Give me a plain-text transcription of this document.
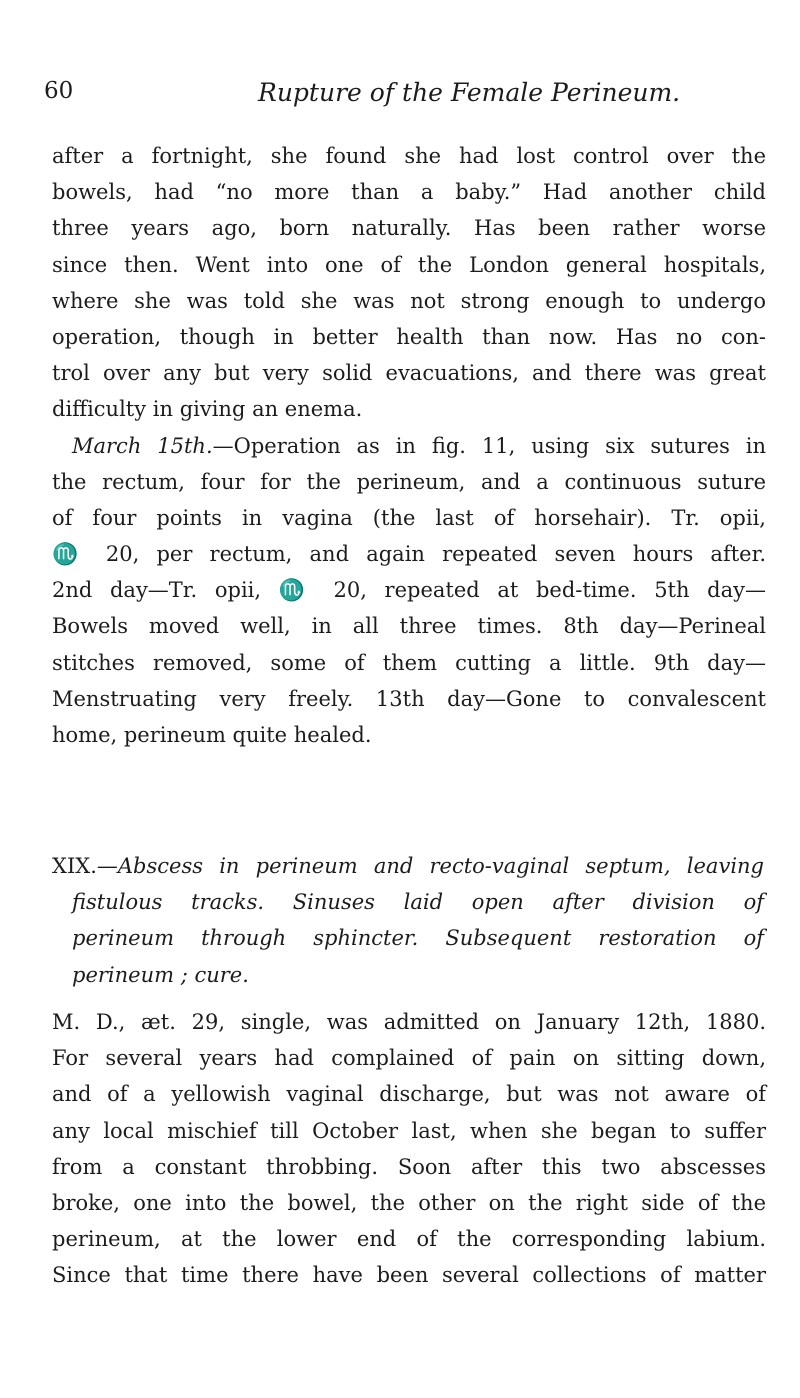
60	Rupture of the Female Perineum.
after a fortnight, she found she had lost control over the
bowels, had “no more than a baby.” Had another child
three years ago, born naturally. Has been rather worse
since then. Went into one of the London general hospitals,
where she was told she was not strong enough to undergo
operation, though in better health than now. Has no con-
trol over any but very solid evacuations, and there was great
difficulty in giving an enema.
March 15th.—Operation as in fig. 11, using six sutures in
the rectum, four for the perineum, and a continuous suture
of four points in vagina (the last of horsehair). Tr. opii,
♏ 20, per rectum, and again repeated seven hours after.
2nd day—Tr. opii, ♏ 20, repeated at bed-time. 5th day—
Bowels moved well, in all three times. 8th day—Perineal
stitches removed, some of them cutting a little. 9th day—
Menstruating very freely. 13th day—Gone to convalescent
home, perineum quite healed.
XIX.—Abscess in perineum and recto-vaginal septum, leaving
fistulous tracks. Sinuses laid open after division of
perineum through sphincter. Subsequent restoration of
perineum ; cure.
M. D., æt. 29, single, was admitted on January 12th, 1880.
For several years had complained of pain on sitting down,
and of a yellowish vaginal discharge, but was not aware of
any local mischief till October last, when she began to suffer
from a constant throbbing. Soon after this two abscesses
broke, one into the bowel, the other on the right side of the
perineum, at the lower end of the corresponding labium.
Since that time there have been several collections of matter
